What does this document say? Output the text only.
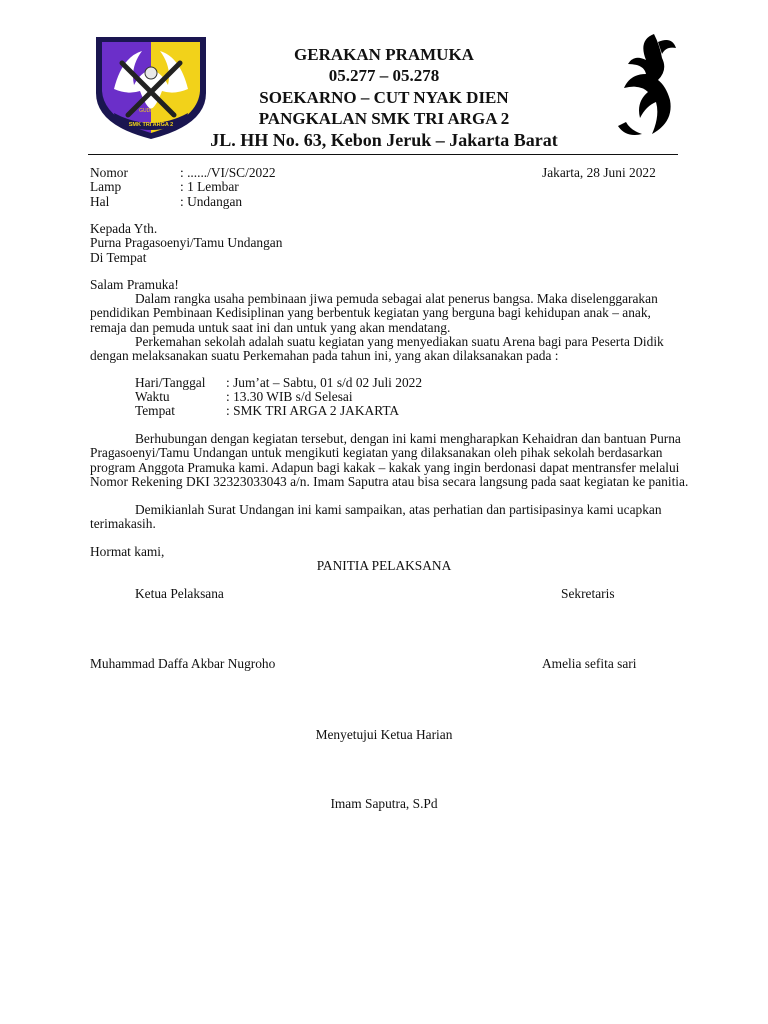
GUDEPTA
SMK TRI ARGA 2
GERAKAN PRAMUKA
05.277 – 05.278
SOEKARNO – CUT NYAK DIEN
PANGKALAN SMK TRI ARGA 2
JL. HH No. 63, Kebon Jeruk – Jakarta Barat
Nomor	: ....../VI/SC/2022
Lamp	: 1 Lembar
Hal	: Undangan
Jakarta, 28 Juni 2022
Kepada Yth.
Purna Pragasoenyi/Tamu Undangan
Di Tempat
Salam Pramuka!

Dalam rangka usaha pembinaan jiwa pemuda sebagai alat penerus bangsa. Maka diselenggarakan pendidikan Pembinaan Kedisiplinan yang berbentuk kegiatan yang berguna bagi kehidupan anak – anak, remaja dan pemuda untuk saat ini dan untuk yang akan mendatang.

Perkemahan sekolah adalah suatu kegiatan yang menyediakan suatu Arena bagi para Peserta Didik dengan melaksanakan suatu Perkemahan pada tahun ini, yang akan dilaksanakan pada :

Hari/Tanggal : Jum’at – Sabtu, 01 s/d 02 Juli 2022
Waktu	: 13.30 WIB s/d Selesai
Tempat	: SMK TRI ARGA 2 JAKARTA

Berhubungan dengan kegiatan tersebut, dengan ini kami mengharapkan Kehaidran dan bantuan Purna Pragasoenyi/Tamu Undangan untuk mengikuti kegiatan yang dilaksanakan oleh pihak sekolah berdasarkan program Anggota Pramuka kami. Adapun bagi kakak – kakak yang ingin berdonasi dapat mentransfer melalui Nomor Rekening DKI 32323033043 a/n. Imam Saputra atau bisa secara langsung pada saat kegiatan ke panitia.

Demikianlah Surat Undangan ini kami sampaikan, atas perhatian dan partisipasinya kami ucapkan terimakasih.

Hormat kami,
PANITIA PELAKSANA
Ketua Pelaksana	Sekretaris
Muhammad Daffa Akbar Nugroho	Amelia sefita sari
Menyetujui Ketua Harian
Imam Saputra, S.Pd
